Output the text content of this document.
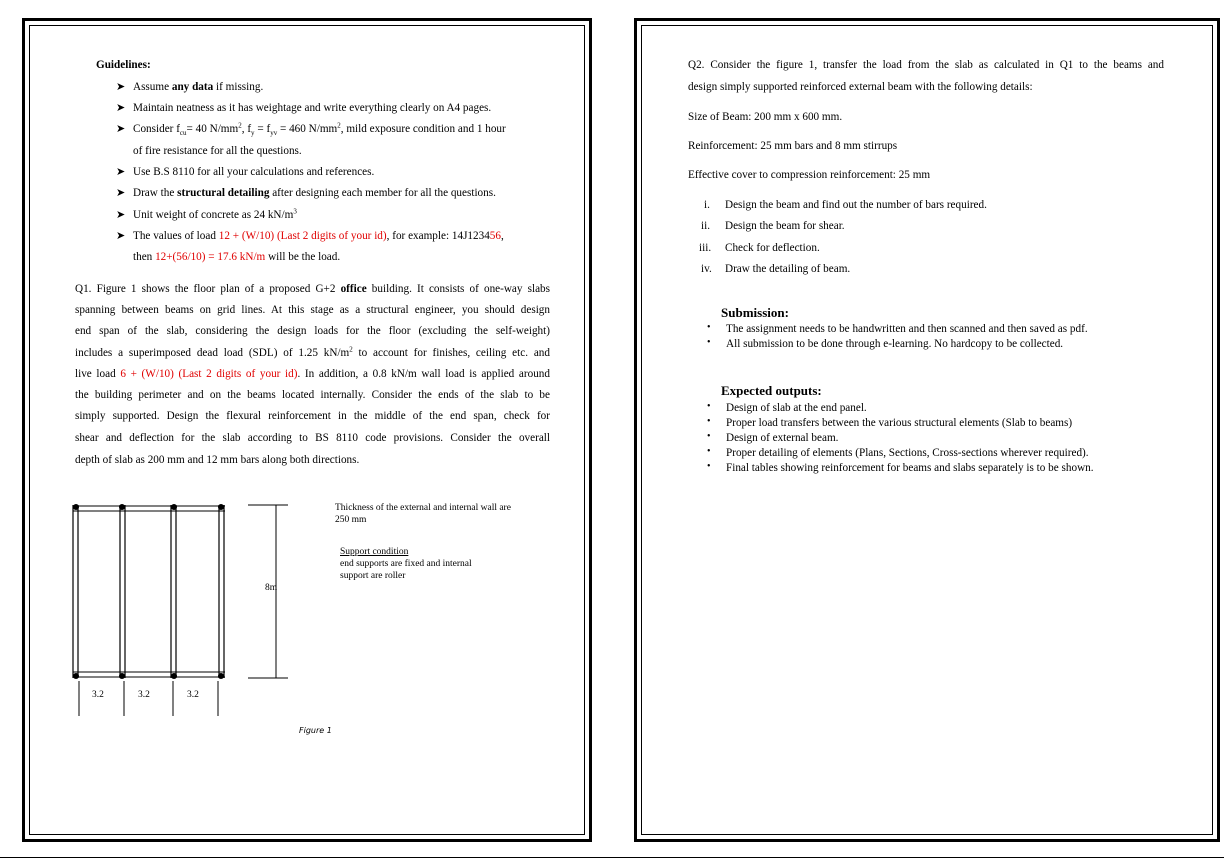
Guidelines:
➤ Assume any data if missing.
➤ Maintain neatness as it has weightage and write everything clearly on A4 pages.
➤ Consider $f_{cu}= 40$ $N/mm^2$, $f_y = f_{yv} = 460$ $N/mm^2$, mild exposure condition and 1 hour
of fire resistance for all the questions.
➤ Use B.S 8110 for all your calculations and references.
➤ Draw the structural detailing after designing each member for all the questions.
➤ Unit weight of concrete as 24 $kN/m^3$
➤ The values of load 12 + (W/10) (Last 2 digits of your id), for example: 14J123456,
then 12+(56/10) = 17.6 kN/m will be the load.
Q1. Figure 1 shows the floor plan of a proposed G+2 office building. It consists of one-way slabs
spanning between beams on grid lines. At this stage as a structural engineer, you should design
end span of the slab, considering the design loads for the floor (excluding the self-weight)
includes a superimposed dead load (SDL) of 1.25 $kN/m^2$ to account for finishes, ceiling etc. and
live load 6 + (W/10) (Last 2 digits of your id). In addition, a 0.8 kN/m wall load is applied around
the building perimeter and on the beams located internally. Consider the ends of the slab to be
simply supported. Design the flexural reinforcement in the middle of the end span, check for
shear and deflection for the slab according to BS 8110 code provisions. Consider the overall
depth of slab as 200 mm and 12 mm bars along both directions.
8m
3.2	3.2	3.2
Thickness of the external and internal wall are
250 mm
Support condition
end supports are fixed and internal
support are roller
Figure 1
Q2. Consider the figure 1, transfer the load from the slab as calculated in Q1 to the beams and
design simply supported reinforced external beam with the following details:
Size of Beam: 200 mm x 600 mm.
Reinforcement: 25 mm bars and 8 mm stirrups
Effective cover to compression reinforcement: 25 mm
i. Design the beam and find out the number of bars required.
ii. Design the beam for shear.
iii. Check for deflection.
iv. Draw the detailing of beam.
Submission:
• The assignment needs to be handwritten and then scanned and then saved as pdf.
• All submission to be done through e-learning. No hardcopy to be collected.
Expected outputs:
• Design of slab at the end panel.
• Proper load transfers between the various structural elements (Slab to beams)
• Design of external beam.
• Proper detailing of elements (Plans, Sections, Cross-sections wherever required).
• Final tables showing reinforcement for beams and slabs separately is to be shown.
